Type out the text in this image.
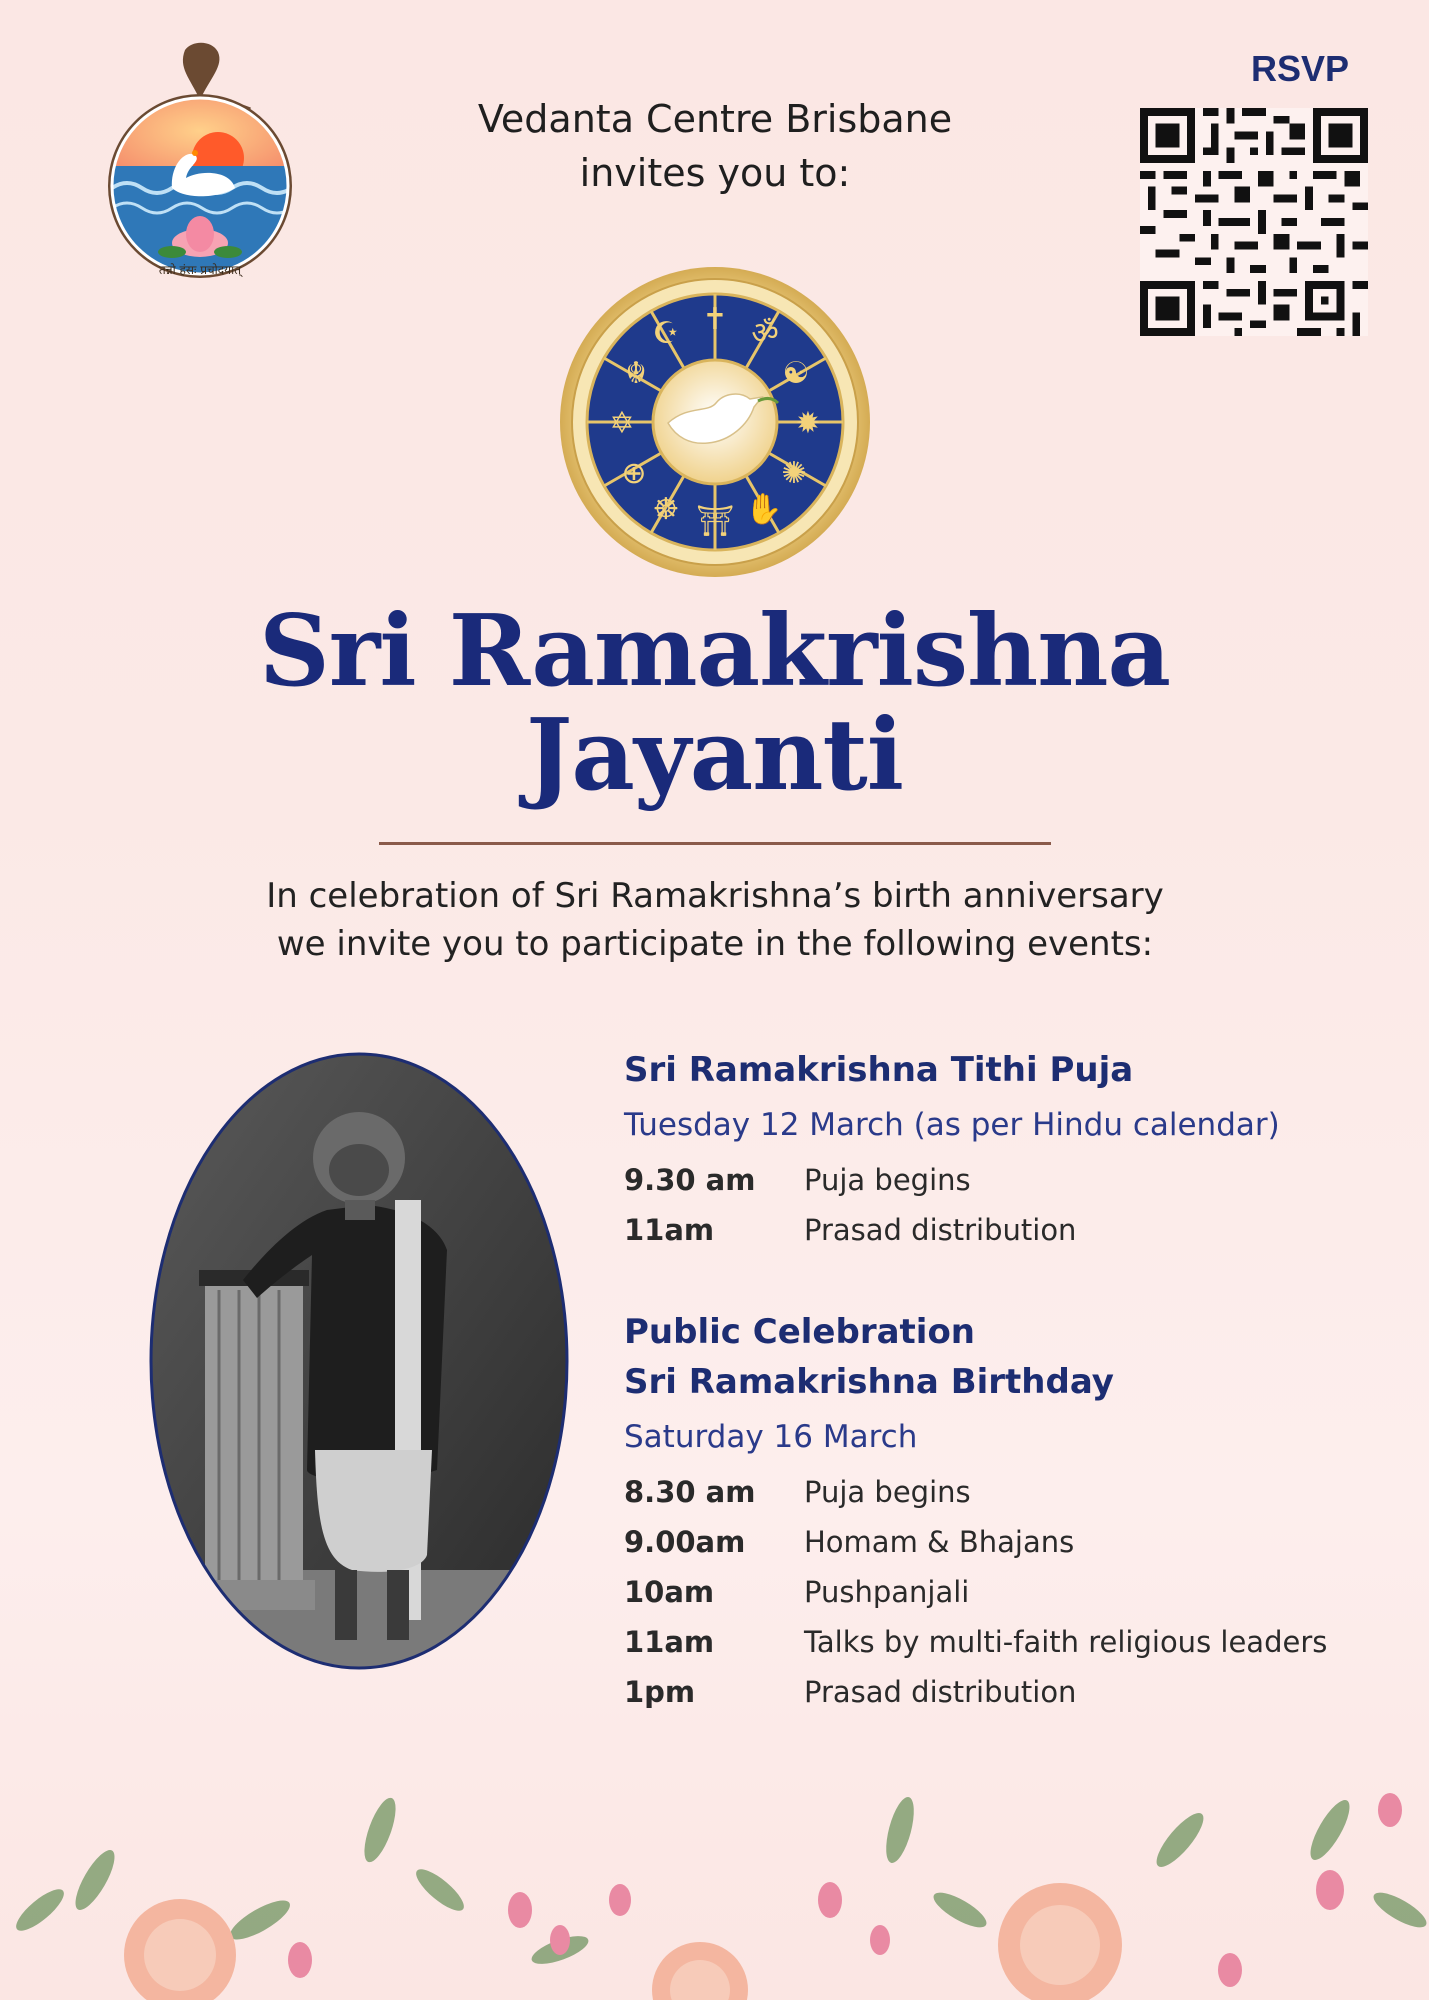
तन्नो हंसः प्रचोदयात्
Vedanta Centre Brisbane
invites you to:
RSVP
✝ ॐ
☯
✹
✺
✋
⛩
☸
⊕
✡
☬
☪
Sri Ramakrishna
Jayanti
In celebration of Sri Ramakrishna’s birth anniversary
we invite you to participate in the following events:
Sri Ramakrishna Tithi Puja
Tuesday 12 March (as per Hindu calendar)
9.30 am	Puja begins
11am	Prasad distribution
Public Celebration
Sri Ramakrishna Birthday
Saturday 16 March
8.30 am	Puja begins
9.00am	Homam & Bhajans
10am	Pushpanjali
11am	Talks by multi-faith religious leaders
1pm	Prasad distribution
